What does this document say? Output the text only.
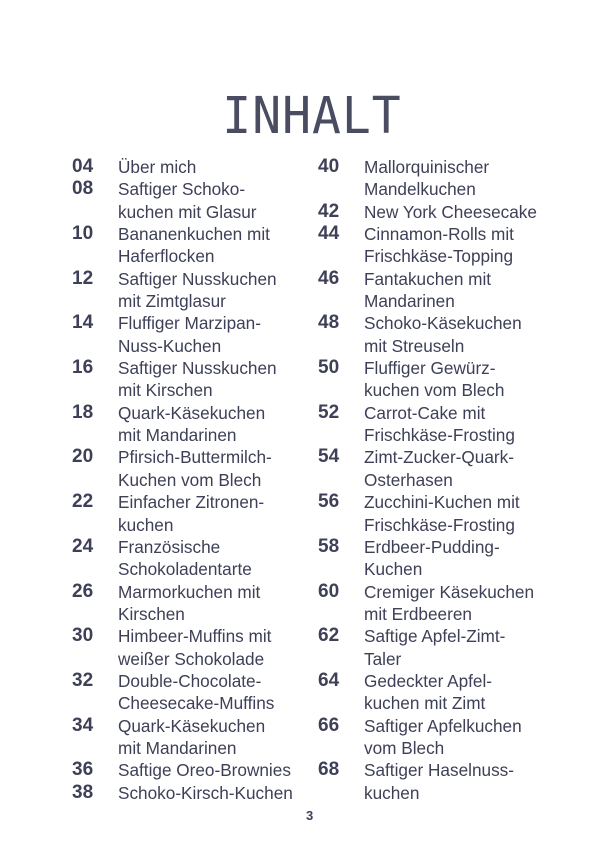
INHALT
04	Über mich
08	Saftiger Schoko-
kuchen mit Glasur
10	Bananenkuchen mit
Haferflocken
12	Saftiger Nusskuchen
mit Zimtglasur
14	Fluffiger Marzipan-
Nuss-Kuchen
16	Saftiger Nusskuchen
mit Kirschen
18	Quark-Käsekuchen
mit Mandarinen
20	Pfirsich-Buttermilch-
Kuchen vom Blech
22	Einfacher Zitronen-
kuchen
24	Französische
Schokoladentarte
26	Marmorkuchen mit
Kirschen
30	Himbeer-Muffins mit
weißer Schokolade
32	Double-Chocolate-
Cheesecake-Muffins
34	Quark-Käsekuchen
mit Mandarinen
36	Saftige Oreo-Brownies
38	Schoko-Kirsch-Kuchen
40	Mallorquinischer
Mandelkuchen
42	New York Cheesecake
44	Cinnamon-Rolls mit
Frischkäse-Topping
46	Fantakuchen mit
Mandarinen
48	Schoko-Käsekuchen
mit Streuseln
50	Fluffiger Gewürz-
kuchen vom Blech
52	Carrot-Cake mit
Frischkäse-Frosting
54	Zimt-Zucker-Quark-
Osterhasen
56	Zucchini-Kuchen mit
Frischkäse-Frosting
58	Erdbeer-Pudding-
Kuchen
60	Cremiger Käsekuchen
mit Erdbeeren
62	Saftige Apfel-Zimt-
Taler
64	Gedeckter Apfel-
kuchen mit Zimt
66	Saftiger Apfelkuchen
vom Blech
68	Saftiger Haselnuss-
kuchen
3
